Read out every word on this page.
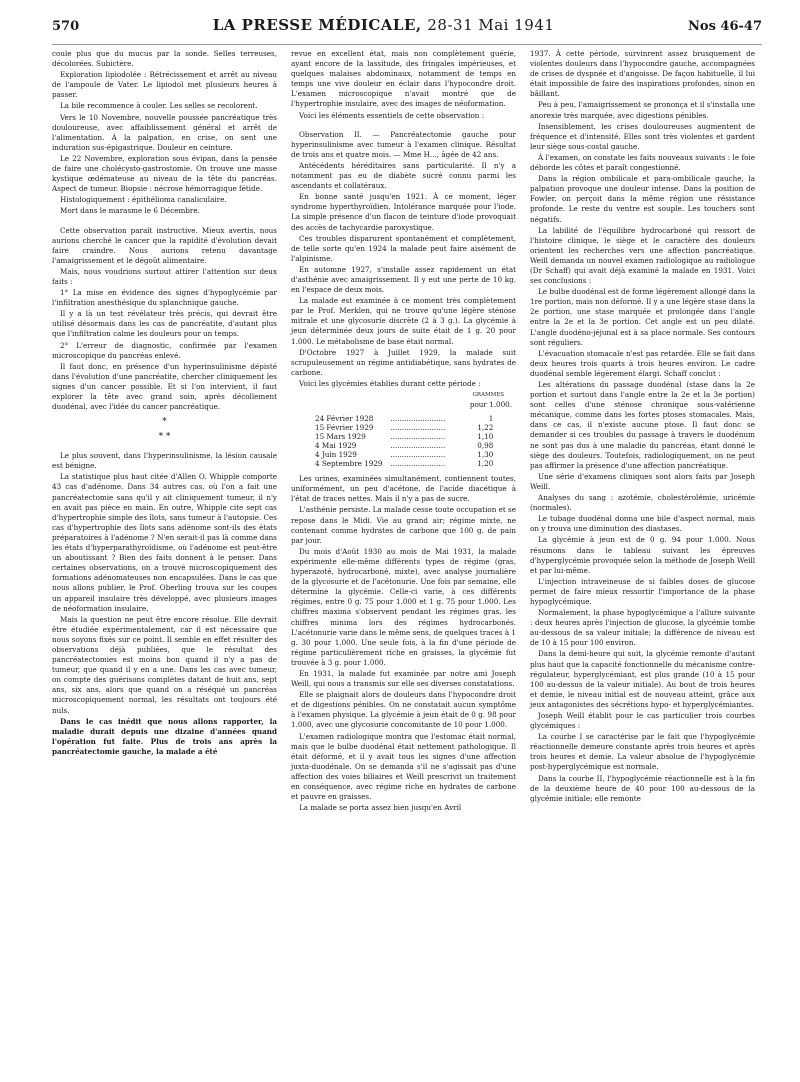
570	LA PRESSE MÉDICALE, 28-31 Mai 1941	Nos 46-47

coule plus que du mucus par la sonde. Selles terreuses, décolorées. Subictère.

Exploration lipiodolée : Rétrécissement et arrêt au niveau de l'ampoule de Vater. Le lipiodol met plusieurs heures à passer.

La bile recommence à couler. Les selles se recolorent.

Vers le 10 Novembre, nouvelle poussée pancréatique très douloureuse, avec affaiblissement général et arrêt de l'alimentation. À la palpation, en crise, on sent une induration sus-épigastrique. Douleur en ceinture.

Le 22 Novembre, exploration sous évipan, dans la pensée de faire une cholécysto-gastrostomie. On trouve une masse kystique œdémateuse au niveau de la tête du pancréas. Aspect de tumeur. Biopsie : nécrose hémorragique fétide.

Histologiquement : épithélioma canaliculaire.

Mort dans le marasme le 6 Décembre.

Cette observation paraît instructive. Mieux avertis, nous aurions cherché le cancer que la rapidité d'évolution devait faire craindre. Nous aurions retenu davantage l'amaigrissement et le dégoût alimentaire.

Mais, nous voudrions surtout attirer l'attention sur deux faits :

1° La mise en évidence des signes d'hypoglycémie par l'infiltration anesthésique du splanchnique gauche.

Il y a là un test révélateur très précis, qui devrait être utilisé désormais dans les cas de pancréatite, d'autant plus que l'infiltration calme les douleurs pour un temps.

2° L'erreur de diagnostic, confirmée par l'examen microscopique du pancréas enlevé.

Il faut donc, en présence d'un hyperinsulinisme dépisté dans l'évolution d'une pancréatite, chercher cliniquement les signes d'un cancer possible. Et si l'on intervient, il faut explorer la tête avec grand soin, après décollement duodénal, avec l'idée du cancer pancréatique.

*
* *

Le plus souvent, dans l'hyperinsulinisme, la lésion causale est bénigne.

La statistique plus haut citée d'Allen O. Whipple comporte 43 cas d'adénome. Dans 34 autres cas, où l'on a fait une pancréatectomie sans qu'il y ait cliniquement tumeur, il n'y en avait pas pièce en main. En outre, Whipple cite sept cas d'hypertrophie simple des îlots, sans tumeur à l'autopsie. Ces cas d'hypertrophie des îlots sans adénome sont-ils des états préparatoires à l'adénome ? N'en serait-il pas là comme dans les états d'hyperparathyroïdisme, où l'adénome est peut-être un aboutissant ? Bien des faits donnent à le penser. Dans certaines observations, on a trouvé microscopiquement des formations adénomateuses non encapsulées. Dans le cas que nous allons publier, le Prof. Oberling trouva sur les coupes un appareil insulaire très développé, avec plusieurs images de néoformation insulaire.

Mais la question ne peut être encore résolue. Elle devrait être étudiée expérimentalement, car il est nécessaire que nous soyons fixés sur ce point. Il semble en effet résulter des observations déjà publiées, que le résultat des pancréatectomies est moins bon quand il n'y a pas de tumeur, que quand il y en a une. Dans les cas avec tumeur, on compte des guérisons complètes datant de huit ans, sept ans, six ans, alors que quand on a réséqué un pancréas microscopiquement normal, les résultats ont toujours été nuls.

Dans le cas inédit que nous allons rapporter, la maladie durait depuis une dizaine d'années quand l'opération fut faite. Plus de trois ans après la pancréatectomie gauche, la malade a été

revue en excellent état, mais non complètement guérie, ayant encore de la lassitude, des fringales impérieuses, et quelques malaises abdominaux, notamment de temps en temps une vive douleur en éclair dans l'hypocondre droit. L'examen microscopique n'avait montré que de l'hypertrophie insulaire, avec des images de néoformation.

Voici les éléments essentiels de cette observation :

Observation II. — Pancréatectomie gauche pour hyperinsulinisme avec tumeur à l'examen clinique. Résultat de trois ans et quatre mois. — Mme H..., âgée de 42 ans.

Antécédents héréditaires sans particularité. Il n'y a notamment pas eu de diabète sucré connu parmi les ascendants et collatéraux.

En bonne santé jusqu'en 1921. À ce moment, léger syndrome hyperthyroïdien. Intolérance marquée pour l'iode. La simple présence d'un flacon de teinture d'iode provoquait des accès de tachycardie paroxystique.

Ces troubles disparurent spontanément et complètement, de telle sorte qu'en 1924 la malade peut faire aisément de l'alpinisme.

En automne 1927, s'installe assez rapidement un état d'asthénie avec amaigrissement. Il y eut une perte de 10 kg. en l'espace de deux mois.

La malade est examinée à ce moment très complètement par le Prof. Merklen, qui ne trouve qu'une légère sténose mitrale et une glycosurie discrète (2 à 3 g.). La glycémie à jeun déterminée deux jours de suite était de 1 g. 20 pour 1.000. Le métabolisme de base était normal.

D'Octobre 1927 à Juillet 1929, la malade suit scrupuleusement un régime antidiabétique, sans hydrates de carbone.

Voici les glycémies établies durant cette période :

GRAMMES
pour 1.000.
24 Février 1928	........................	1
15 Février 1929	........................	1,22
15 Mars 1929	........................	1,10
4 Mai 1929	........................	0,98
4 Juin 1929	........................	1,30
4 Septembre 1929	........................	1,20

Les urines, examinées simultanément, contiennent toutes, uniformément, un peu d'acétone, de l'acide diacétique à l'état de traces nettes. Mais il n'y a pas de sucre.

L'asthénie persiste. La malade cesse toute occupation et se repose dans le Midi. Vie au grand air; régime mixte, ne contenant comme hydrates de carbone que 100 g. de pain par jour.

Du mois d'Août 1930 au mois de Mai 1931, la malade expérimente elle-même différents types de régime (gras, hyperazoté, hydrocarboné, mixte), avec analyse journalière de la glycosurie et de l'acétonurie. Une fois par semaine, elle détermine la glycémie. Celle-ci varie, à ces différents régimes, entre 0 g. 75 pour 1.000 et 1 g. 75 pour 1.000. Les chiffres maxima s'observent pendant les régimes gras, les chiffres minima lors des régimes hydrocarbonés. L'acétonurie varie dans le même sens, de quelques traces à 1 g. 30 pour 1.000. Une seule fois, à la fin d'une période de régime particulièrement riche en graisses, la glycémie fut trouvée à 3 g. pour 1.000.

En 1931, la malade fut examinée par notre ami Joseph Weill, qui nous a transmis sur elle ses diverses constatations.

Elle se plaignait alors de douleurs dans l'hypocondre droit et de digestions pénibles. On ne constatait aucun symptôme à l'examen physique. La glycémie à jeun était de 0 g. 98 pour 1.000, avec une glycosurie concomitante de 10 pour 1.000.

L'examen radiologique montra que l'estomac était normal, mais que le bulbe duodénal était nettement pathologique. Il était déformé, et il y avait tous les signes d'une affection juxta-duodénale. On se demanda s'il ne s'agissait pas d'une affection des voies biliaires et Weill prescrivit un traitement en conséquence, avec régime riche en hydrates de carbone et pauvre en graisses.

La malade se porta assez bien jusqu'en Avril

1937. À cette période, survinrent assez brusquement de violentes douleurs dans l'hypocondre gauche, accompagnées de crises de dyspnée et d'angoisse. De façon habituelle, il lui était impossible de faire des inspirations profondes, sinon en bâillant.

Peu à peu, l'amaigrissement se prononça et il s'installa une anorexie très marquée, avec digestions pénibles.

Insensiblement, les crises douloureuses augmentent de fréquence et d'intensité. Elles sont très violentes et gardent leur siège sous-costal gauche.

À l'examen, on constate les faits nouveaux suivants : le foie déborde les côtes et paraît congestionné.

Dans la région ombilicale et para-ombilicale gauche, la palpation provoque une douleur intense. Dans la position de Fowler, on perçoit dans la même région une résistance profonde. Le reste du ventre est souple. Les touchers sont négatifs.

La labilité de l'équilibre hydrocarboné qui ressort de l'histoire clinique, le siège et le caractère des douleurs orientent les recherches vers une affection pancréatique. Weill demanda un nouvel examen radiologique au radiologue (Dr Schaff) qui avait déjà examiné la malade en 1931. Voici ses conclusions :

Le bulbe duodénal est de forme légèrement allongé dans la 1re portion, mais non déformé. Il y a une légère stase dans la 2e portion, une stase marquée et prolongée dans l'angle entre la 2e et la 3e portion. Cet angle est un peu dilaté. L'angle duodéno-jéjunal est à sa place normale. Ses contours sont réguliers.

L'évacuation stomacale n'est pas retardée. Elle se fait dans deux heures trois quarts à trois heures environ. Le cadre duodénal semble légèrement élargi. Schaff conclut :

Les altérations du passage duodénal (stase dans la 2e portion et surtout dans l'angle entre la 2e et la 3e portion) sont celles d'une sténose chronique sous-vatérienne mécanique, comme dans les fortes ptoses stomacales. Mais, dans ce cas, il n'existe aucune ptose. Il faut donc se demander si ces troubles du passage à travers le duodénum ne sont pas dus à une maladie du pancréas, étant donné le siège des douleurs. Toutefois, radiologiquement, on ne peut pas affirmer la présence d'une affection pancréatique.

Une série d'examens cliniques sont alors faits par Joseph Weill.

Analyses du sang : azotémie, cholestérolémie, uricémie (normales).

Le tubage duodénal donna une bile d'aspect normal, mais on y trouva une diminution des diastases.

La glycémie à jeun est de 0 g. 94 pour 1.000. Nous résumons dans le tableau suivant les épreuves d'hyperglycémie provoquée selon la méthode de Joseph Weill et par lui-même.

L'injection intraveineuse de si faibles doses de glucose permet de faire mieux ressortir l'importance de la phase hypoglycémique.

Normalement, la phase hypoglycémique a l'allure suivante : deux heures après l'injection de glucose, la glycémie tombe au-dessous de sa valeur initiale; la différence de niveau est de 10 à 15 pour 100 environ.

Dans la demi-heure qui suit, la glycémie remonte d'autant plus haut que la capacité fonctionnelle du mécanisme contre-régulateur, hyperglycémiant, est plus grande (10 à 15 pour 100 au-dessus de la valeur initiale). Au bout de trois heures et demie, le niveau initial est de nouveau atteint, grâce aux jeux antagonistes des sécrétions hypo- et hyperglycémiantes.

Joseph Weill établit pour le cas particulier trois courbes glycémiques :

La courbe I se caractérise par le fait que l'hypoglycémie réactionnelle demeure constante après trois heures et après trois heures et demie. La valeur absolue de l'hypoglycémie post-hyperglycémique est normale.

Dans la courbe II, l'hypoglycémie réactionnelle est à la fin de la deuxième heure de 40 pour 100 au-dessous de la glycémie initiale; elle remonte
